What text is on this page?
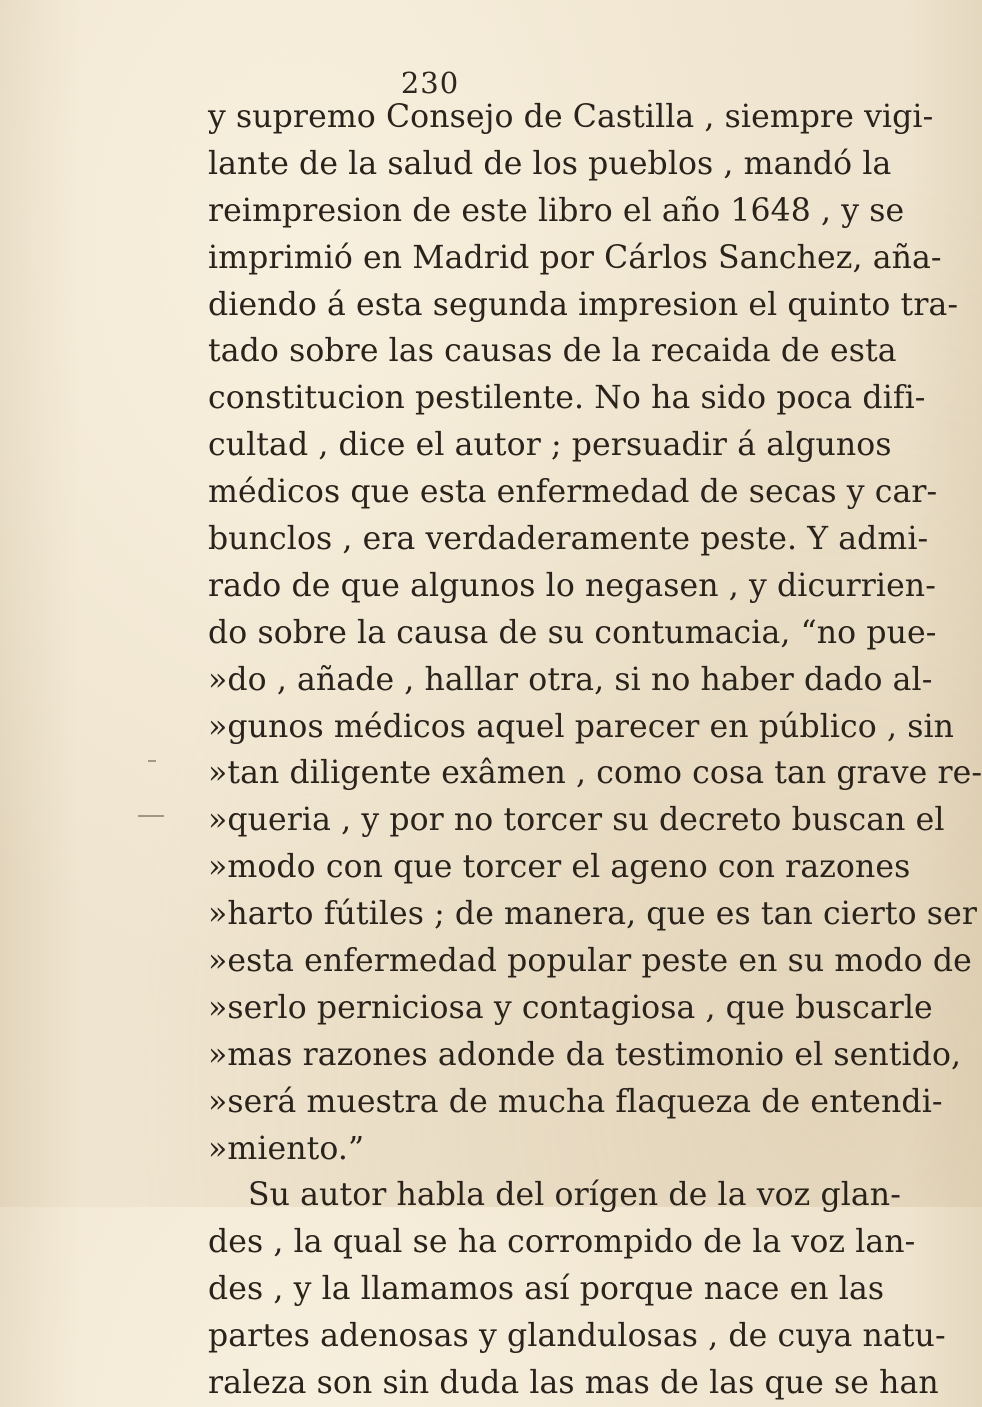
230
y supremo Consejo de Castilla , siempre vigi-
lante de la salud de los pueblos , mandó la
reimpresion de este libro el año 1648 , y se
imprimió en Madrid por Cárlos Sanchez, aña-
diendo á esta segunda impresion el quinto tra-
tado sobre las causas de la recaida de esta
constitucion pestilente. No ha sido poca difi-
cultad , dice el autor ; persuadir á algunos
médicos que esta enfermedad de secas y car-
bunclos , era verdaderamente peste. Y admi-
rado de que algunos lo negasen , y dicurrien-
do sobre la causa de su contumacia, “no pue-
»do , añade , hallar otra, si no haber dado al-
»gunos médicos aquel parecer en público , sin
»tan diligente exâmen , como cosa tan grave re-
»queria , y por no torcer su decreto buscan el
»modo con que torcer el ageno con razones
»harto fútiles ; de manera, que es tan cierto ser
»esta enfermedad popular peste en su modo de
»serlo perniciosa y contagiosa , que buscarle
»mas razones adonde da testimonio el sentido,
»será muestra de mucha flaqueza de entendi-
»miento.”
Su autor habla del orígen de la voz glan-
des , la qual se ha corrompido de la voz lan-
des , y la llamamos así porque nace en las
partes adenosas y glandulosas , de cuya natu-
raleza son sin duda las mas de las que se han
